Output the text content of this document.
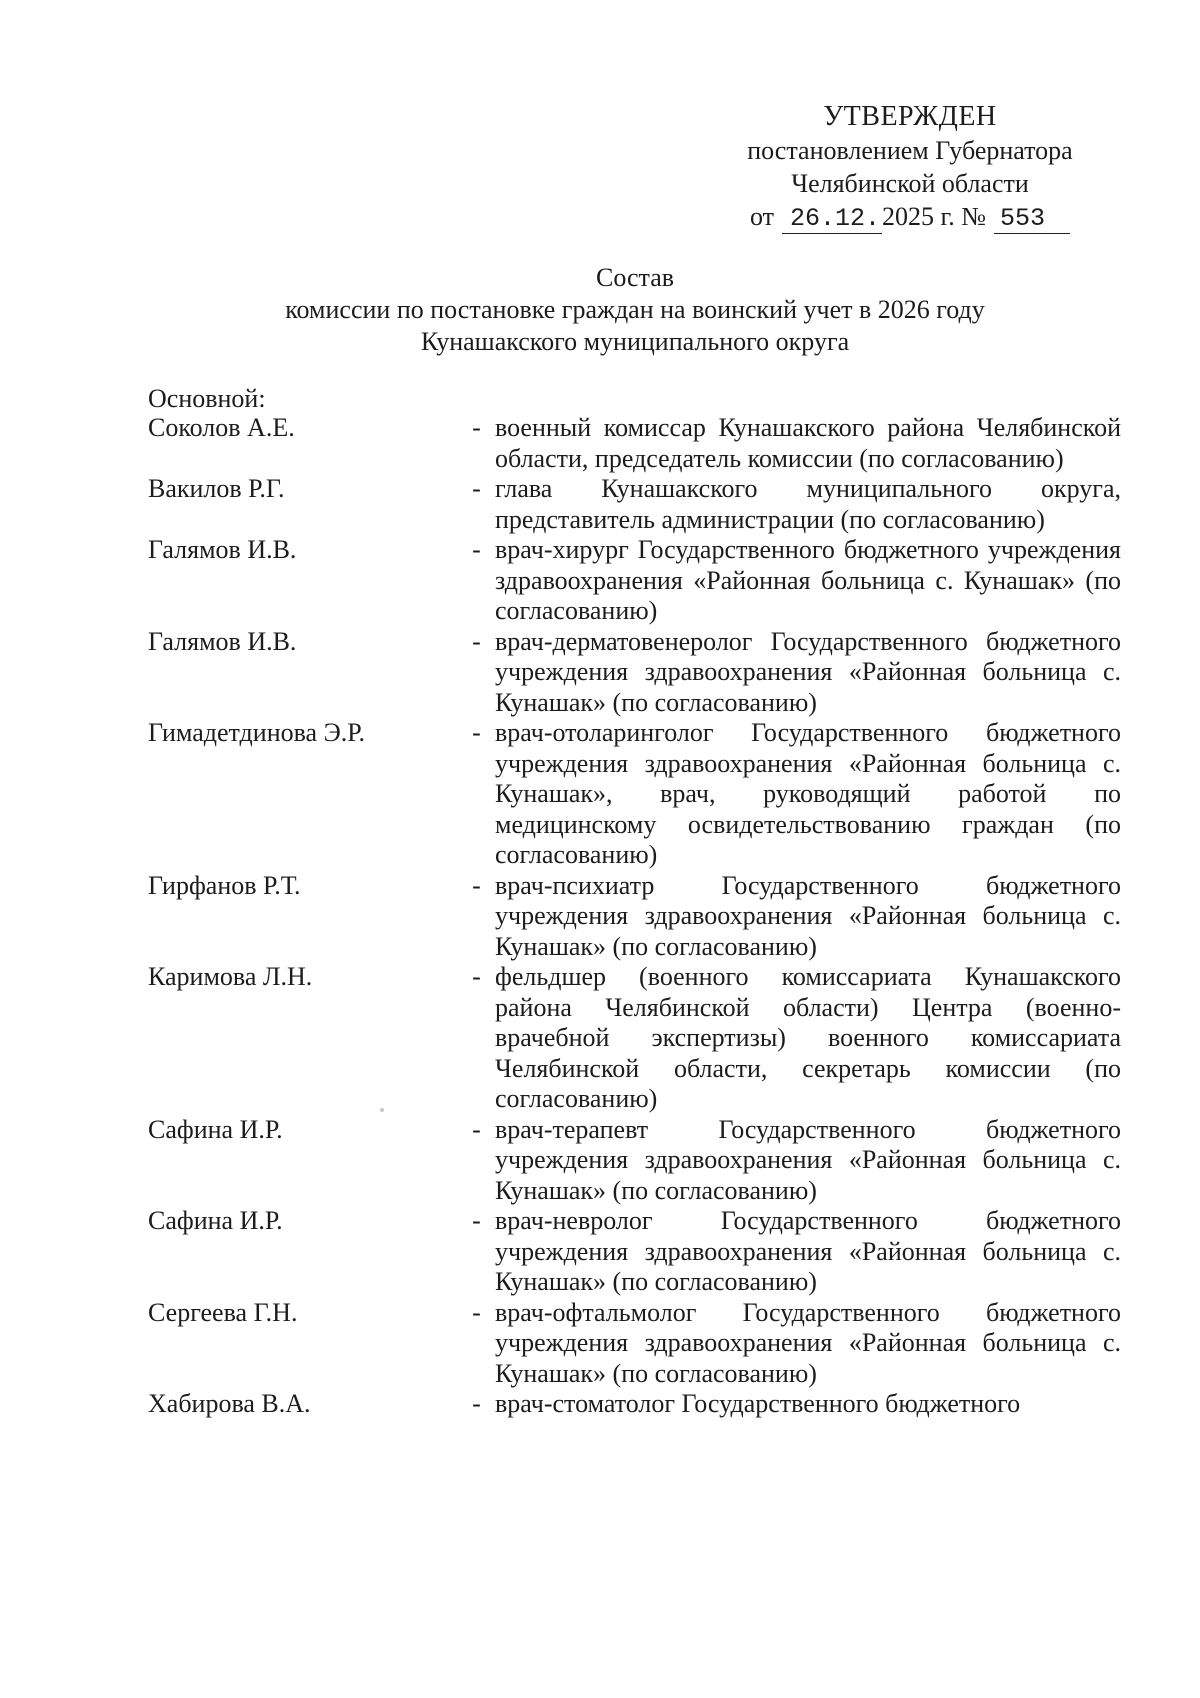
УТВЕРЖДЕН
постановлением Губернатора
Челябинской области
от 26.12. 2025 г. № 553
Состав
комиссии по постановке граждан на воинский учет в 2026 году
Кунашакского муниципального округа
Основной:
Соколов А.Е.	- военный комиссар Кунашакского района Челябинской области, председатель комиссии (по согласованию)
Вакилов Р.Г.	- глава Кунашакского муниципального округа, представитель администрации (по согласованию)
Галямов И.В.	- врач-хирург Государственного бюджетного учреждения здравоохранения «Районная больница с. Кунашак» (по согласованию)
Галямов И.В.	- врач-дерматовенеролог Государственного бюджетного учреждения здравоохранения «Районная больница с. Кунашак» (по согласованию)
Гимадетдинова Э.Р.	- врач-отоларинголог Государственного бюджетного учреждения здравоохранения «Районная больница с. Кунашак», врач, руководящий работой по медицинскому освидетельствованию граждан (по согласованию)
Гирфанов Р.Т.	- врач-психиатр Государственного бюджетного учреждения здравоохранения «Районная больница с. Кунашак» (по согласованию)
Каримова Л.Н.	- фельдшер (военного комиссариата Кунашакского района Челябинской области) Центра (военно-врачебной экспертизы) военного комиссариата Челябинской области, секретарь комиссии (по согласованию)
Сафина И.Р.	- врач-терапевт Государственного бюджетного учреждения здравоохранения «Районная больница с. Кунашак» (по согласованию)
Сафина И.Р.	- врач-невролог Государственного бюджетного учреждения здравоохранения «Районная больница с. Кунашак» (по согласованию)
Сергеева Г.Н.	- врач-офтальмолог Государственного бюджетного учреждения здравоохранения «Районная больница с. Кунашак» (по согласованию)
Хабирова В.А.	- врач-стоматолог Государственного бюджетного
